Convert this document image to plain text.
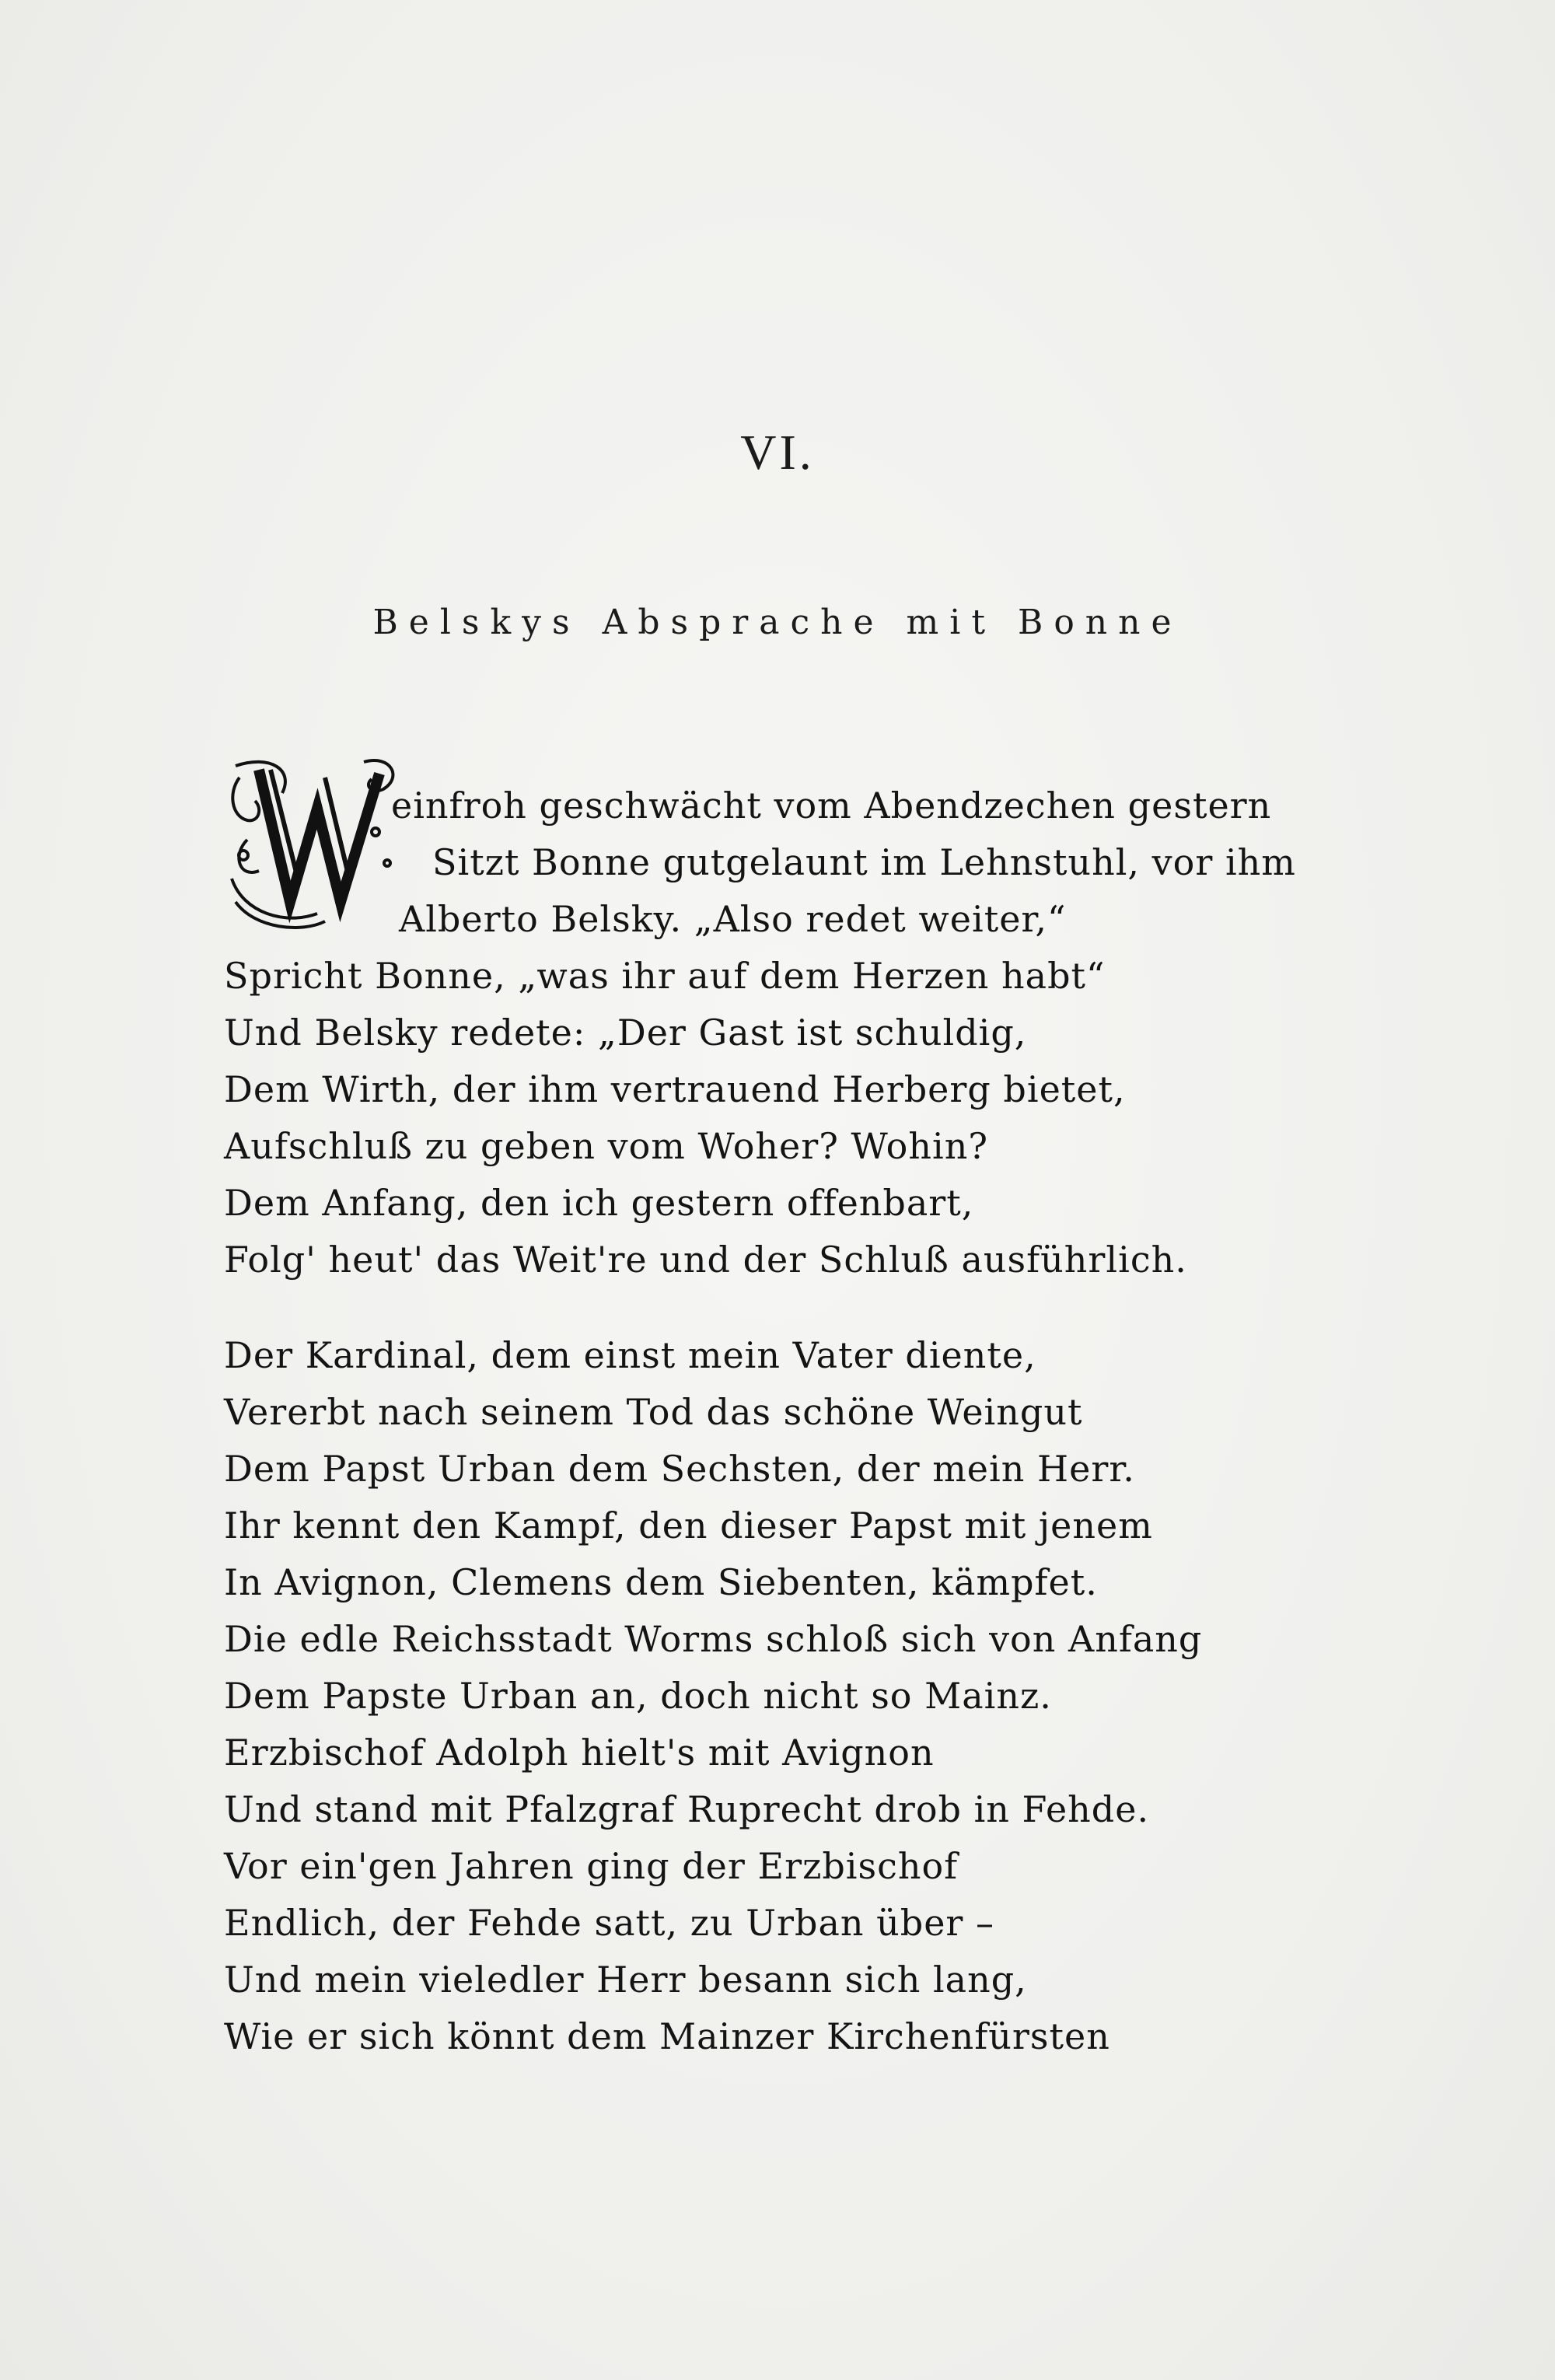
VI.
Belskys Absprache mit Bonne
einfroh geschwächt vom Abendzechen gestern
Sitzt Bonne gutgelaunt im Lehnstuhl, vor ihm
Alberto Belsky. „Also redet weiter,“
Spricht Bonne, „was ihr auf dem Herzen habt“
Und Belsky redete: „Der Gast ist schuldig,
Dem Wirth, der ihm vertrauend Herberg bietet,
Aufschluß zu geben vom Woher? Wohin?
Dem Anfang, den ich gestern offenbart,
Folg' heut' das Weit're und der Schluß ausführlich.
Der Kardinal, dem einst mein Vater diente,
Vererbt nach seinem Tod das schöne Weingut
Dem Papst Urban dem Sechsten, der mein Herr.
Ihr kennt den Kampf, den dieser Papst mit jenem
In Avignon, Clemens dem Siebenten, kämpfet.
Die edle Reichsstadt Worms schloß sich von Anfang
Dem Papste Urban an, doch nicht so Mainz.
Erzbischof Adolph hielt's mit Avignon
Und stand mit Pfalzgraf Ruprecht drob in Fehde.
Vor ein'gen Jahren ging der Erzbischof
Endlich, der Fehde satt, zu Urban über –
Und mein vieledler Herr besann sich lang,
Wie er sich könnt dem Mainzer Kirchenfürsten
